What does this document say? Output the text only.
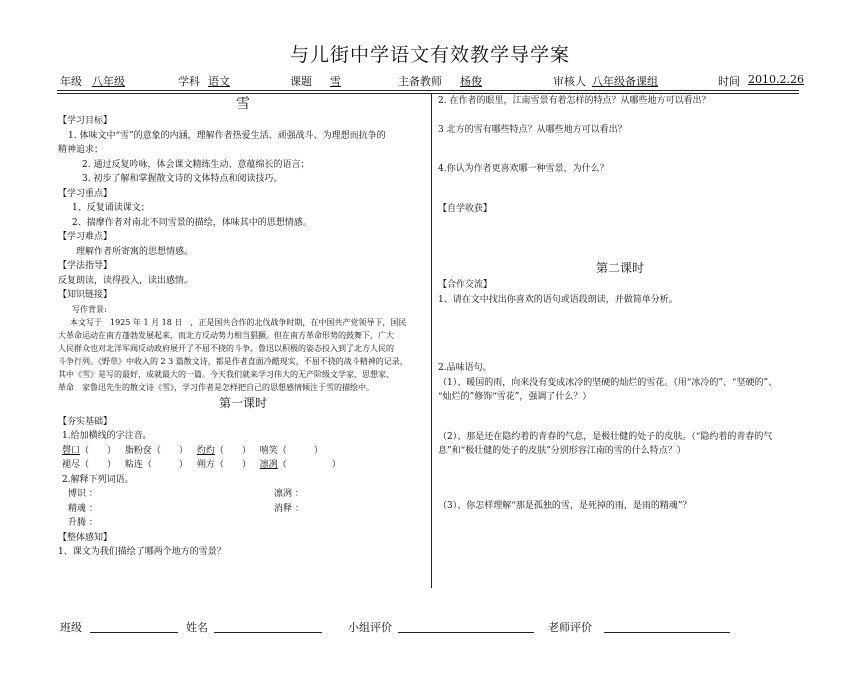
与儿街中学语文有效教学导学案
年级 八年级	学科 语文	课题 雪	主备教师 杨俊	审核人 八年级备课组	时间 2010.2.26
雪
【学习目标】
1. 体味文中“雪”的意象的内涵，理解作者热爱生活、顽强战斗、为理想而抗争的
精神追求；
2. 通过反复吟咏，体会课文精练生动、意蕴绵长的语言；
3. 初步了解和掌握散文诗的文体特点和阅读技巧。
【学习重点】
1、反复诵读课文；
2、揣摩作者对南北不同雪景的描绘，体味其中的思想情感。
【学习难点】
理解作者所寄寓的思想情感。
【学法指导】
反复朗读，读得投入，读出感情。
【知识链接】
写作背景:
本文写于　1925 年 1 月 18 日　，正是国共合作的北伐战争时期，在中国共产党领导下，国民
大革命运动在南方蓬勃发展起来，而北方反动势力相当猖獗。但在南方革命形势的鼓舞下，广大
人民群众也对北洋军阀反动政府展开了不屈不挠的斗争。鲁迅以积极的姿态投入到了北方人民的
斗争行列。《野草》中收入的 2 3 篇散文诗，都是作者直面冷酷现实，不屈不挠的战斗精神的记录，
其中《雪》是写的最好，成就最大的一篇。今天我们就来学习伟大的无产阶级文学家、思想家、
革命　家鲁迅先生的散文诗《雪》，学习作者是怎样把自己的思想感情倾注于雪的描绘中。
第一课时
【夯实基础】
1.给加横线的字注音。
磬口（　　） 脂粉奁（　　） 灼灼（　　） 嘻笑（　　　）
褪尽（　　） 粘连（　　　） 朔方（　　） 凛冽（　　　　　）
2.解释下列词语。
博识 ：	凛冽 ：
精魂 ：	消释 ：
升腾 ：
【整体感知】
1、课文为我们描绘了哪两个地方的雪景？
2. 在作者的眼里，江南雪景有着怎样的特点？从哪些地方可以看出？
3 北方的雪有哪些特点？从哪些地方可以看出？
4.你认为作者更喜欢哪一种雪景，为什么？
【自学收获】
第二课时
【合作交流】
1、请在文中找出你喜欢的语句或语段朗读，并做简单分析。
2.品味语句。
（1）、暖国的雨，向来没有变成冰冷的坚硬的灿烂的雪花。（用“冰冷的”、“坚硬的”、
“灿烂的”修饰“雪花”，强调了什么？）
（2）、那是还在隐约着的青春的气息，是极壮健的处子的皮肤。（“隐约着的青春的气
息”和“极壮健的处子的皮肤”分别形容江南的雪的什么特点？）
（3）、你怎样理解“那是孤独的雪，是死掉的雨，是雨的精魂”？
班级	姓名	小组评价	老师评价
